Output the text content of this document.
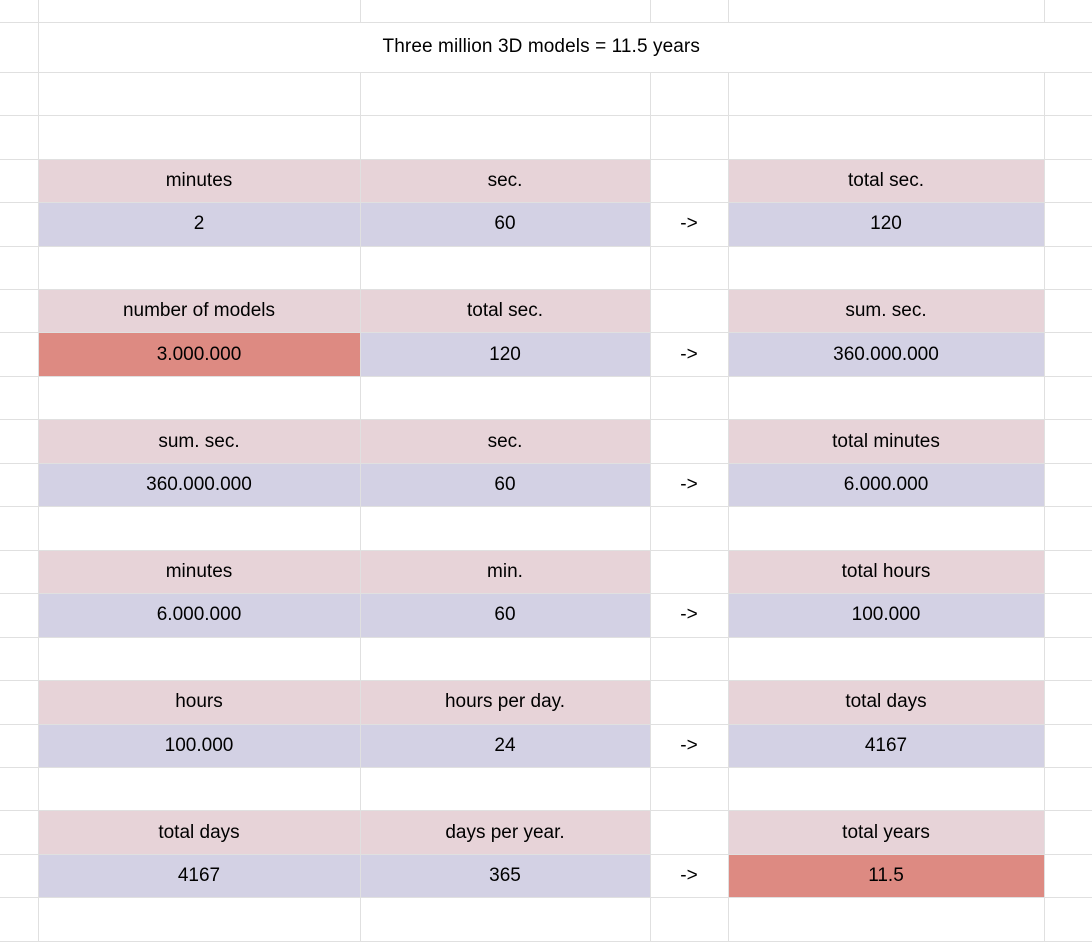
	Three million 3D models = 11.5 years				

	minutes	sec.		total sec.	
	2	60	->	120	

	number of models	total sec.		sum. sec.	
	3.000.000	120	->	360.000.000	

	sum. sec.	sec.		total minutes	
	360.000.000	60	->	6.000.000	

	minutes	min.		total hours	
	6.000.000	60	->	100.000	

	hours	hours per day.		total days	
	100.000	24	->	4167	

	total days	days per year.		total years	
	4167	365	->	11.5	
